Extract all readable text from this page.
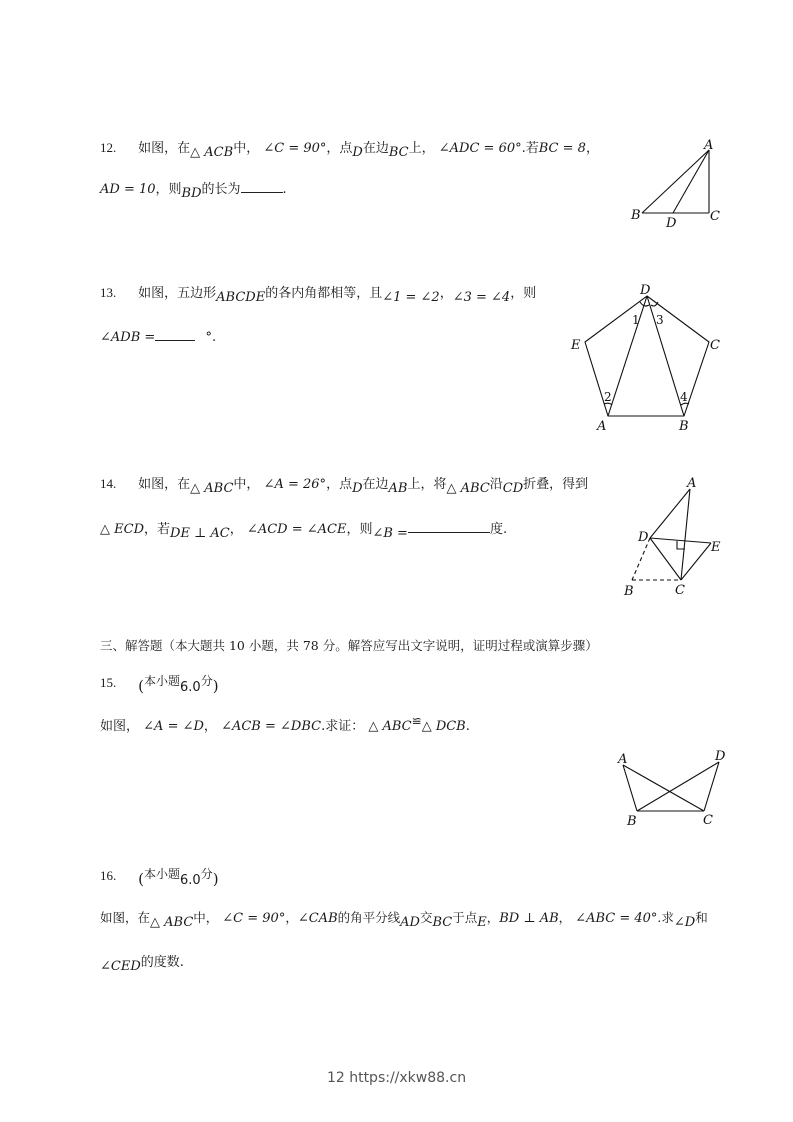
12. 如图，在△ ACB中， ∠C = 90°，点D在边BC上， ∠ADC = 60°.若BC = 8，
AD = 10，则BD的长为	.
A
B
D	C
13. 如图，五边形ABCDE的各内角都相等，且∠1 = ∠2，∠3 = ∠4，则
∠ADB =	°.
D
E	C
A	B
1
2
3
4
14. 如图，在△ ABC中， ∠A = 26°，点D在边AB上，将△ ABC沿CD折叠，得到
△ ECD，若DE ⊥ AC， ∠ACD = ∠ACE，则∠B =	度.
A
D
E
B	C
三、解答题（本大题共 10 小题，共 78 分。解答应写出文字说明，证明过程或演算步骤）
15. (本小题6.0分)
如图， ∠A = ∠D， ∠ACB = ∠DBC.求证： △ ABC≌△ DCB.
A	D
B	C
16. (本小题6.0分)
如图，在△ ABC中， ∠C = 90°，∠CAB的角平分线AD交BC于点E，BD ⊥ AB， ∠ABC = 40°.求∠D和
∠CED的度数.
12 https://xkw88.cn
